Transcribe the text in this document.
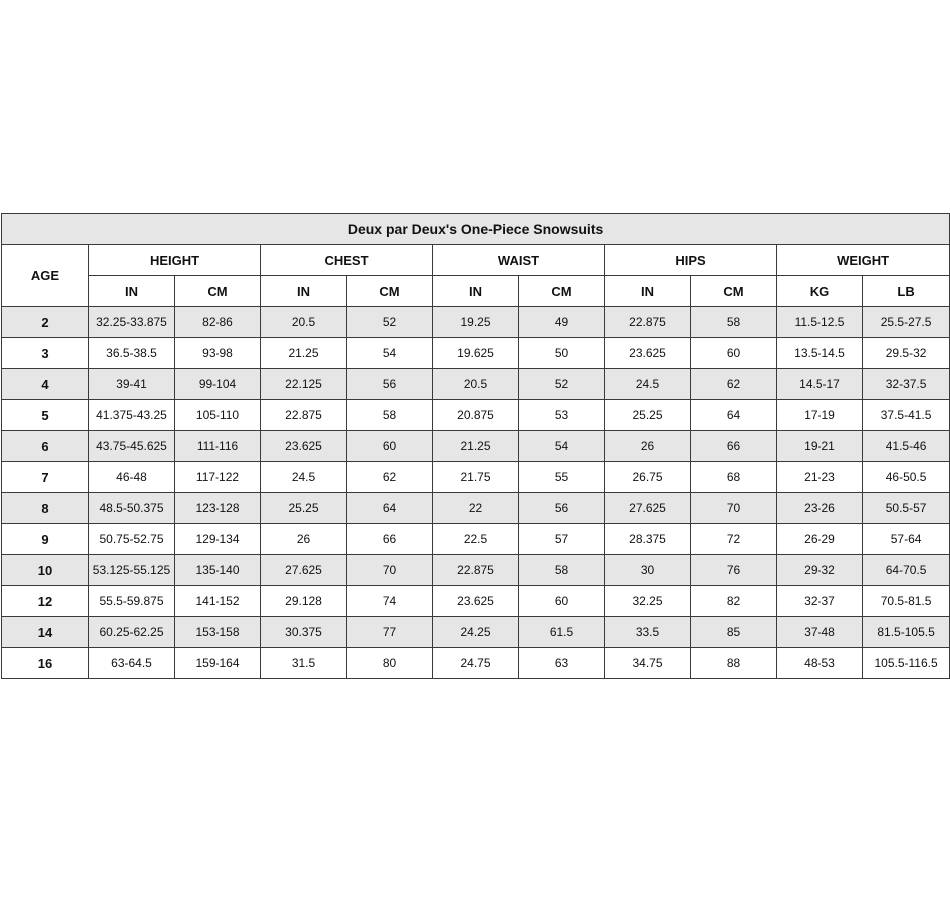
Deux par Deux's One-Piece Snowsuits										
AGE	HEIGHT		CHEST		WAIST		HIPS		WEIGHT	
	IN	CM	IN	CM	IN	CM	IN	CM	KG	LB
2	32.25-33.875	82-86	20.5	52	19.25	49	22.875	58	11.5-12.5	25.5-27.5
3	36.5-38.5	93-98	21.25	54	19.625	50	23.625	60	13.5-14.5	29.5-32
4	39-41	99-104	22.125	56	20.5	52	24.5	62	14.5-17	32-37.5
5	41.375-43.25	105-110	22.875	58	20.875	53	25.25	64	17-19	37.5-41.5
6	43.75-45.625	111-116	23.625	60	21.25	54	26	66	19-21	41.5-46
7	46-48	117-122	24.5	62	21.75	55	26.75	68	21-23	46-50.5
8	48.5-50.375	123-128	25.25	64	22	56	27.625	70	23-26	50.5-57
9	50.75-52.75	129-134	26	66	22.5	57	28.375	72	26-29	57-64
10	53.125-55.125	135-140	27.625	70	22.875	58	30	76	29-32	64-70.5
12	55.5-59.875	141-152	29.128	74	23.625	60	32.25	82	32-37	70.5-81.5
14	60.25-62.25	153-158	30.375	77	24.25	61.5	33.5	85	37-48	81.5-105.5
16	63-64.5	159-164	31.5	80	24.75	63	34.75	88	48-53	105.5-116.5
